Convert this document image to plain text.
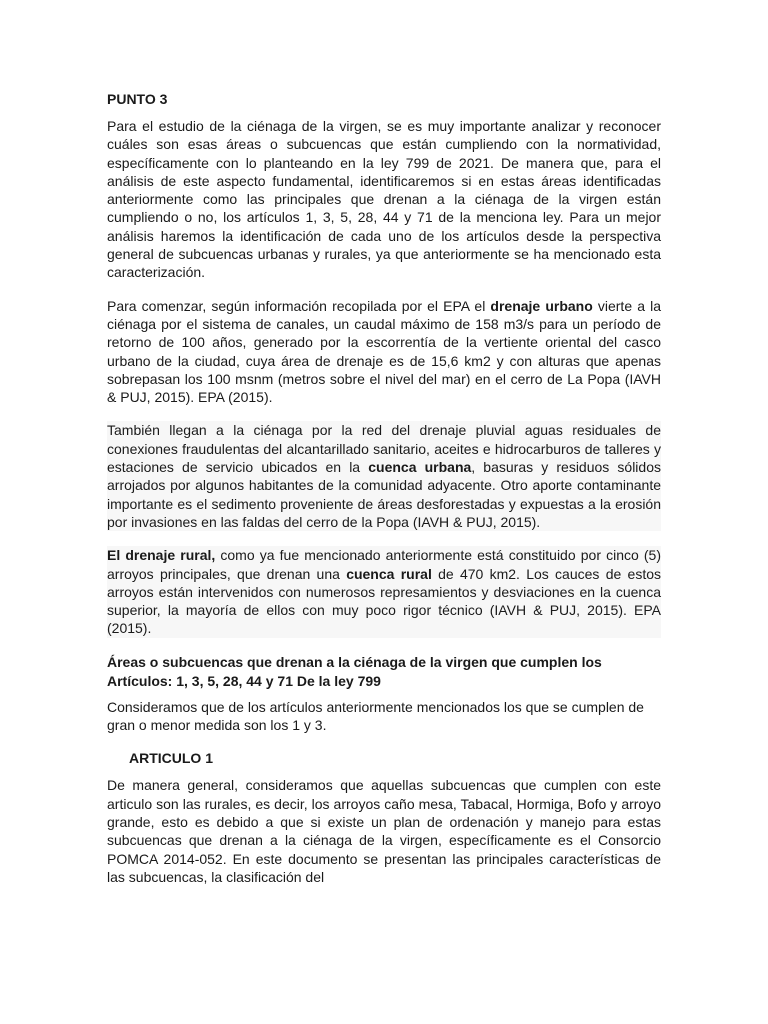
PUNTO 3

Para el estudio de la ciénaga de la virgen, se es muy importante analizar y reconocer cuáles son esas áreas o subcuencas que están cumpliendo con la normatividad, específicamente con lo planteando en la ley 799 de 2021. De manera que, para el análisis de este aspecto fundamental, identificaremos si en estas áreas identificadas anteriormente como las principales que drenan a la ciénaga de la virgen están cumpliendo o no, los artículos 1, 3, 5, 28, 44 y 71 de la menciona ley. Para un mejor análisis haremos la identificación de cada uno de los artículos desde la perspectiva general de subcuencas urbanas y rurales, ya que anteriormente se ha mencionado esta caracterización.

Para comenzar, según información recopilada por el EPA el drenaje urbano vierte a la ciénaga por el sistema de canales, un caudal máximo de 158 m3/s para un período de retorno de 100 años, generado por la escorrentía de la vertiente oriental del casco urbano de la ciudad, cuya área de drenaje es de 15,6 km2 y con alturas que apenas sobrepasan los 100 msnm (metros sobre el nivel del mar) en el cerro de La Popa (IAVH & PUJ, 2015). EPA (2015).

También llegan a la ciénaga por la red del drenaje pluvial aguas residuales de conexiones fraudulentas del alcantarillado sanitario, aceites e hidrocarburos de talleres y estaciones de servicio ubicados en la cuenca urbana, basuras y residuos sólidos arrojados por algunos habitantes de la comunidad adyacente. Otro aporte contaminante importante es el sedimento proveniente de áreas desforestadas y expuestas a la erosión por invasiones en las faldas del cerro de la Popa (IAVH & PUJ, 2015).

El drenaje rural, como ya fue mencionado anteriormente está constituido por cinco (5) arroyos principales, que drenan una cuenca rural de 470 km2. Los cauces de estos arroyos están intervenidos con numerosos represamientos y desviaciones en la cuenca superior, la mayoría de ellos con muy poco rigor técnico (IAVH & PUJ, 2015). EPA (2015).

Áreas o subcuencas que drenan a la ciénaga de la virgen que cumplen los Artículos: 1, 3, 5, 28, 44 y 71 De la ley 799

Consideramos que de los artículos anteriormente mencionados los que se cumplen de gran o menor medida son los 1 y 3.

ARTICULO 1

De manera general, consideramos que aquellas subcuencas que cumplen con este articulo son las rurales, es decir, los arroyos caño mesa, Tabacal, Hormiga, Bofo y arroyo grande, esto es debido a que si existe un plan de ordenación y manejo para estas subcuencas que drenan a la ciénaga de la virgen, específicamente es el Consorcio POMCA 2014-052. En este documento se presentan las principales características de las subcuencas, la clasificación del
